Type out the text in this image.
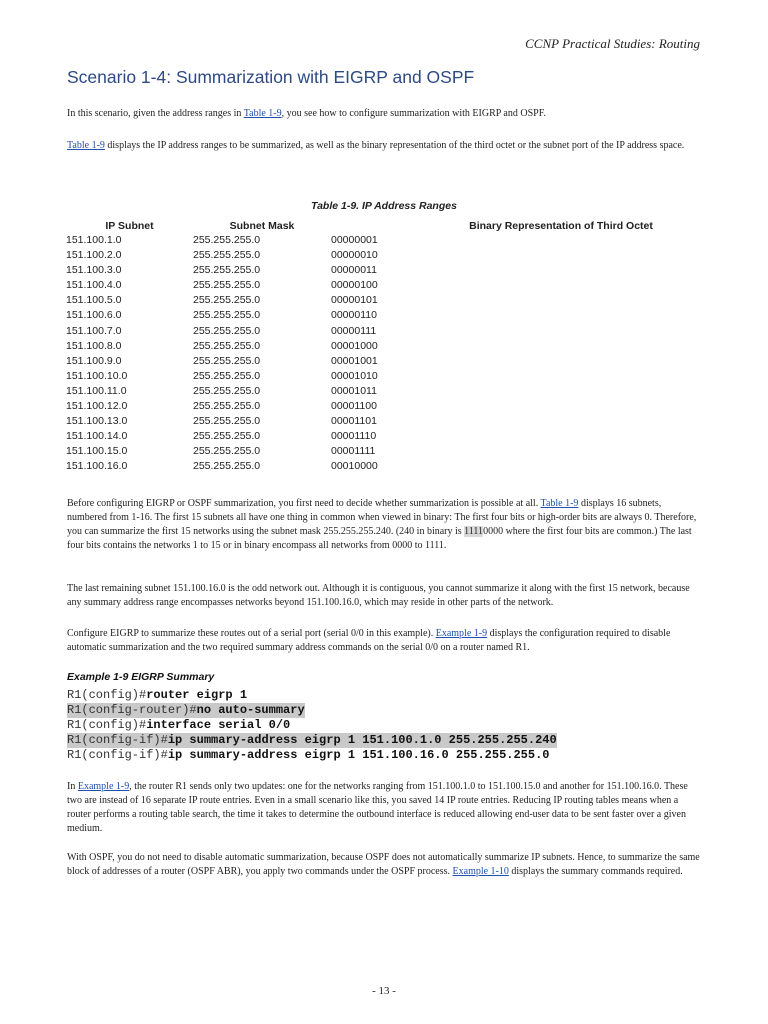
CCNP Practical Studies: Routing
Scenario 1-4: Summarization with EIGRP and OSPF

In this scenario, given the address ranges in Table 1-9, you see how to configure summarization with EIGRP and OSPF.

Table 1-9 displays the IP address ranges to be summarized, as well as the binary representation of the third octet or the subnet port of the IP address space.

Table 1-9. IP Address Ranges
IP Subnet	Subnet Mask		Binary Representation of Third Octet
151.100.1.0	255.255.255.0	00000001	
151.100.2.0	255.255.255.0	00000010	
151.100.3.0	255.255.255.0	00000011	
151.100.4.0	255.255.255.0	00000100	
151.100.5.0	255.255.255.0	00000101	
151.100.6.0	255.255.255.0	00000110	
151.100.7.0	255.255.255.0	00000111	
151.100.8.0	255.255.255.0	00001000	
151.100.9.0	255.255.255.0	00001001	
151.100.10.0	255.255.255.0	00001010	
151.100.11.0	255.255.255.0	00001011	
151.100.12.0	255.255.255.0	00001100	
151.100.13.0	255.255.255.0	00001101	
151.100.14.0	255.255.255.0	00001110	
151.100.15.0	255.255.255.0	00001111	
151.100.16.0	255.255.255.0	00010000	

Before configuring EIGRP or OSPF summarization, you first need to decide whether summarization is possible at all. Table 1-9 displays 16 subnets, numbered from 1-16. The first 15 subnets all have one thing in common when viewed in binary: The first four bits or high-order bits are always 0. Therefore, you can summarize the first 15 networks using the subnet mask 255.255.255.240. (240 in binary is 11110000 where the first four bits are common.) The last four bits contains the networks 1 to 15 or in binary encompass all networks from 0000 to 1111.

The last remaining subnet 151.100.16.0 is the odd network out. Although it is contiguous, you cannot summarize it along with the first 15 network, because any summary address range encompasses networks beyond 151.100.16.0, which may reside in other parts of the network.

Configure EIGRP to summarize these routes out of a serial port (serial 0/0 in this example). Example 1-9 displays the configuration required to disable automatic summarization and the two required summary address commands on the serial 0/0 on a router named R1.

Example 1-9 EIGRP Summary
R1(config)#router eigrp 1
R1(config-router)#no auto-summary
R1(config)#interface serial 0/0
R1(config-if)#ip summary-address eigrp 1 151.100.1.0 255.255.255.240
R1(config-if)#ip summary-address eigrp 1 151.100.16.0 255.255.255.0

In Example 1-9, the router R1 sends only two updates: one for the networks ranging from 151.100.1.0 to 151.100.15.0 and another for 151.100.16.0. These two are instead of 16 separate IP route entries. Even in a small scenario like this, you saved 14 IP route entries. Reducing IP routing tables means when a router performs a routing table search, the time it takes to determine the outbound interface is reduced allowing end-user data to be sent faster over a given medium.

With OSPF, you do not need to disable automatic summarization, because OSPF does not automatically summarize IP subnets. Hence, to summarize the same block of addresses of a router (OSPF ABR), you apply two commands under the OSPF process. Example 1-10 displays the summary commands required.

- 13 -
